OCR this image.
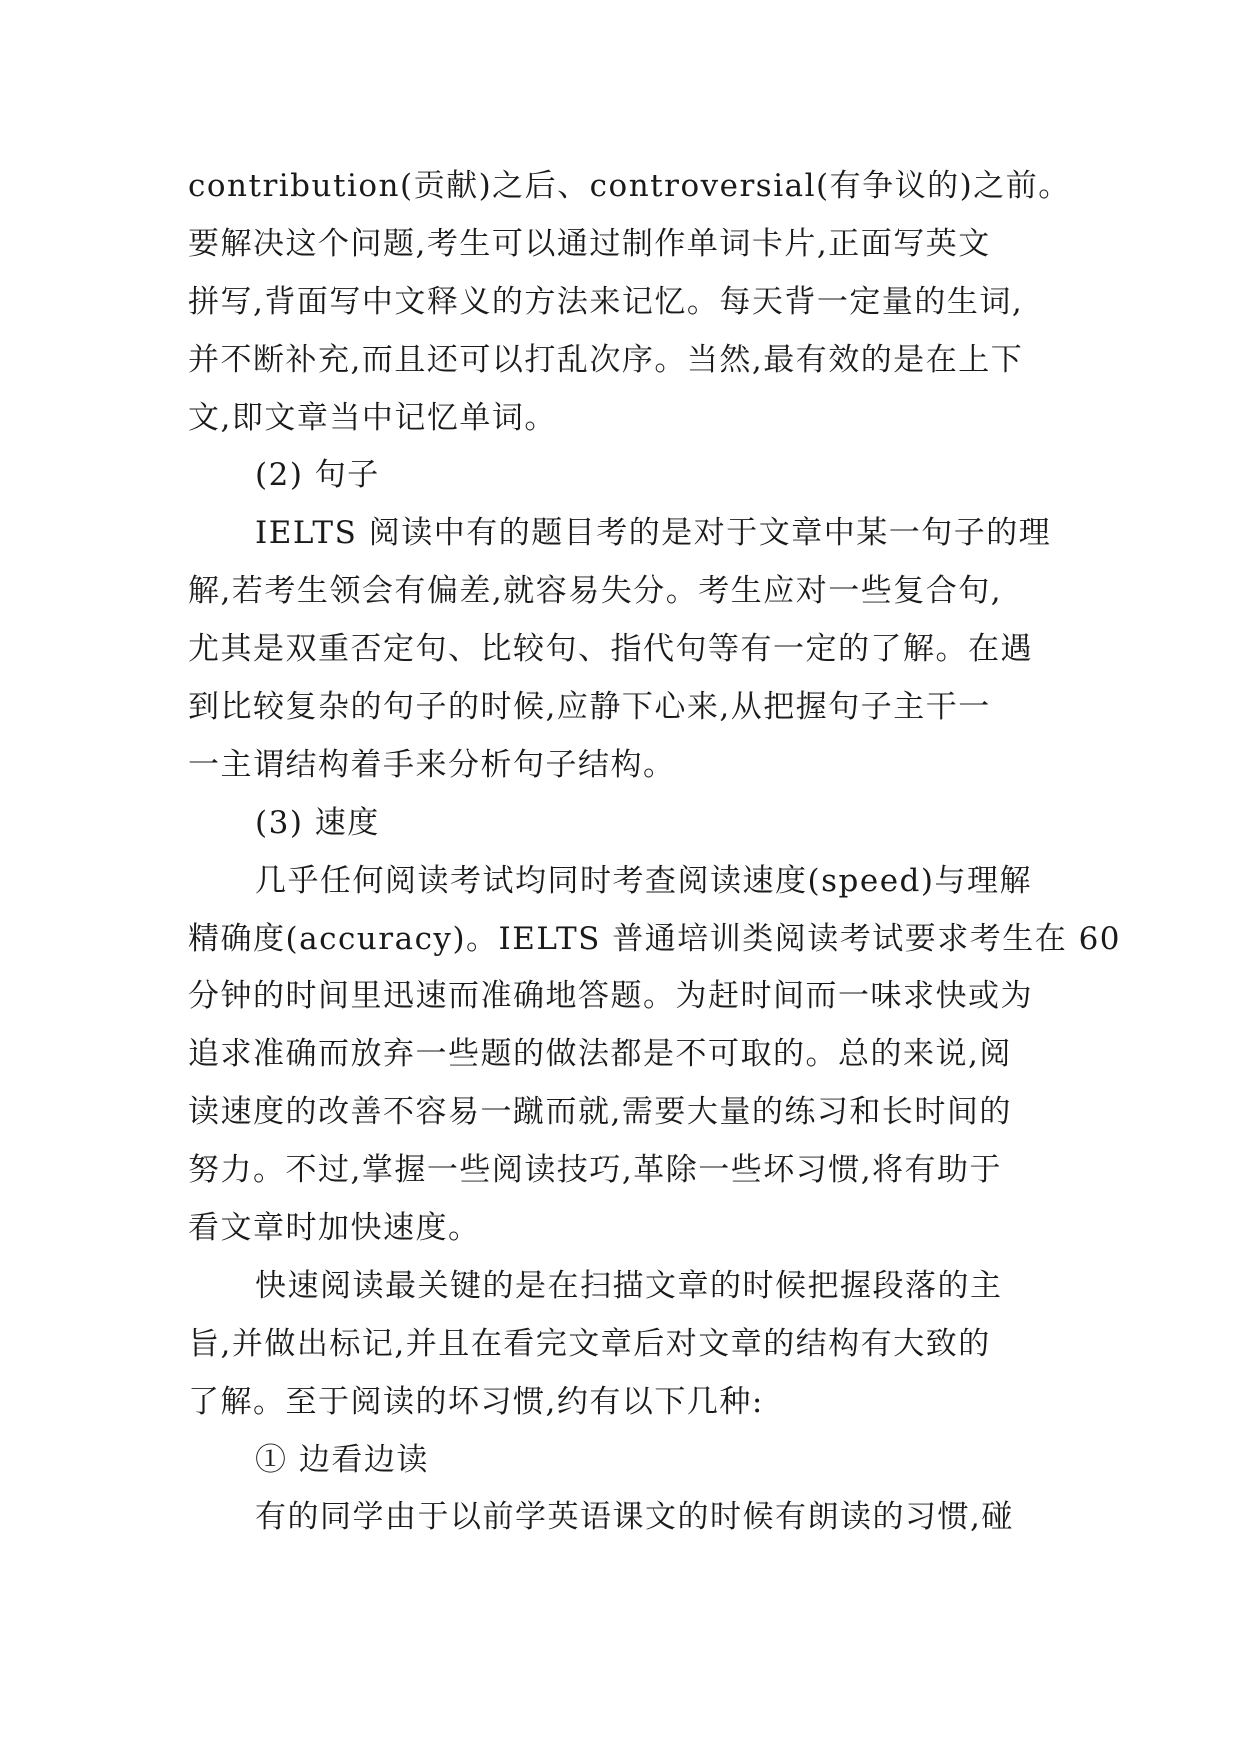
contribution(贡献)之后、controversial(有争议的)之前。
要解决这个问题,考生可以通过制作单词卡片,正面写英文
拼写,背面写中文释义的方法来记忆。每天背一定量的生词,
并不断补充,而且还可以打乱次序。当然,最有效的是在上下
文,即文章当中记忆单词。
(2) 句子
IELTS 阅读中有的题目考的是对于文章中某一句子的理
解,若考生领会有偏差,就容易失分。考生应对一些复合句,
尤其是双重否定句、比较句、指代句等有一定的了解。在遇
到比较复杂的句子的时候,应静下心来,从把握句子主干一
一主谓结构着手来分析句子结构。
(3) 速度
几乎任何阅读考试均同时考查阅读速度(speed)与理解
精确度(accuracy)。IELTS 普通培训类阅读考试要求考生在 60
分钟的时间里迅速而准确地答题。为赶时间而一味求快或为
追求准确而放弃一些题的做法都是不可取的。总的来说,阅
读速度的改善不容易一蹴而就,需要大量的练习和长时间的
努力。不过,掌握一些阅读技巧,革除一些坏习惯,将有助于
看文章时加快速度。
快速阅读最关键的是在扫描文章的时候把握段落的主
旨,并做出标记,并且在看完文章后对文章的结构有大致的
了解。至于阅读的坏习惯,约有以下几种:
① 边看边读
有的同学由于以前学英语课文的时候有朗读的习惯,碰
